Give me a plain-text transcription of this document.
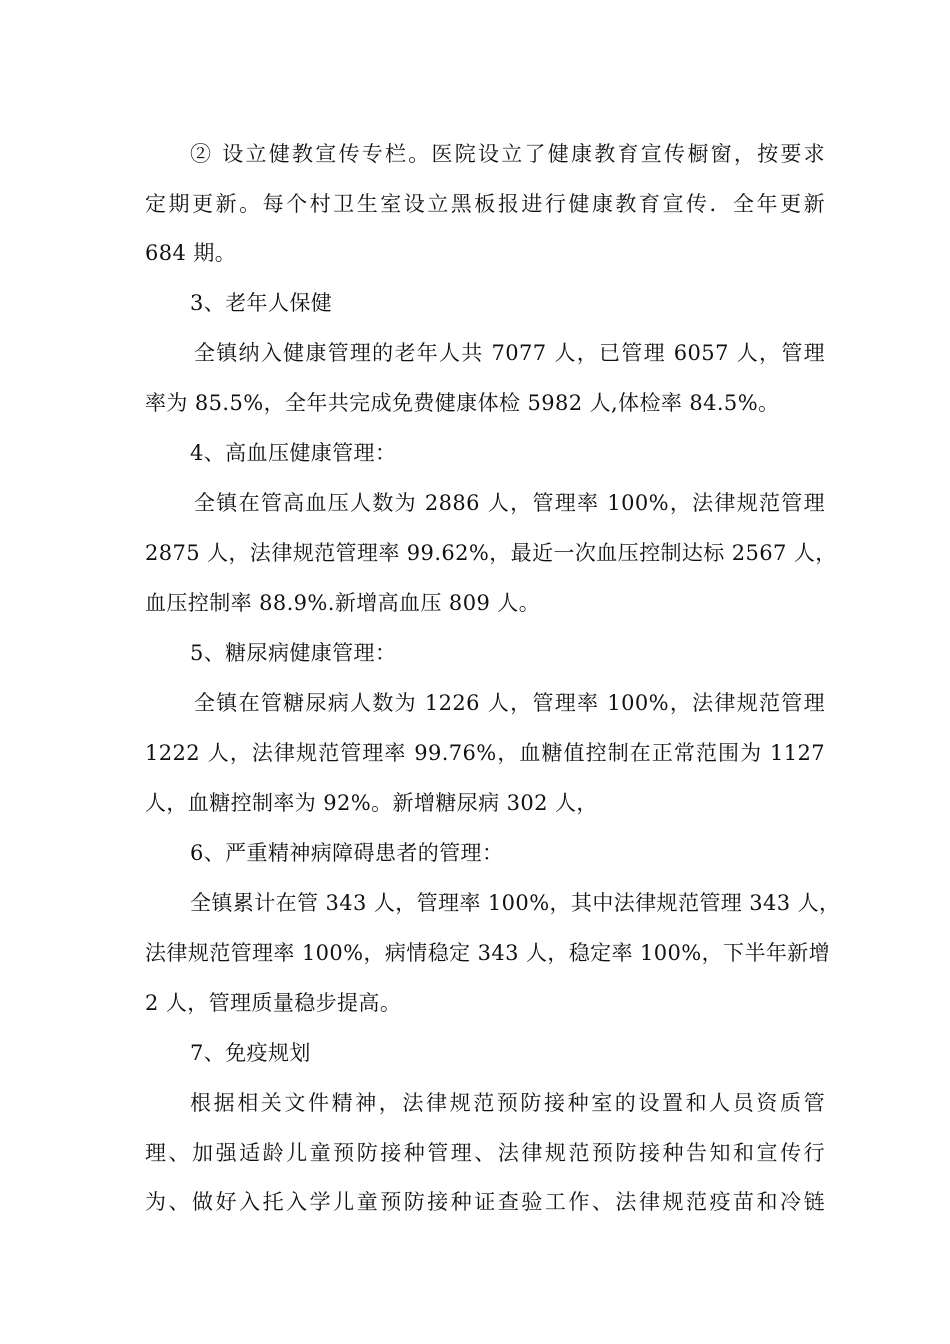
② 设立健教宣传专栏。医院设立了健康教育宣传橱窗，按要求
定期更新。每个村卫生室设立黑板报进行健康教育宣传．全年更新
684 期。
3、老年人保健
全镇纳入健康管理的老年人共 7077 人，已管理 6057 人，管理
率为 85.5%，全年共完成免费健康体检 5982 人,体检率 84.5%。
4、高血压健康管理：
全镇在管高血压人数为 2886 人，管理率 100%，法律规范管理
2875 人，法律规范管理率 99.62%，最近一次血压控制达标 2567 人，
血压控制率 88.9%.新增高血压 809 人。
5、糖尿病健康管理：
全镇在管糖尿病人数为 1226 人，管理率 100%，法律规范管理
1222 人，法律规范管理率 99.76%，血糖值控制在正常范围为 1127
人，血糖控制率为 92%。新增糖尿病 302 人，
6、严重精神病障碍患者的管理：
全镇累计在管 343 人，管理率 100%，其中法律规范管理 343 人，
法律规范管理率 100%，病情稳定 343 人，稳定率 100%，下半年新增
2 人，管理质量稳步提高。
7、免疫规划
根据相关文件精神，法律规范预防接种室的设置和人员资质管
理、加强适龄儿童预防接种管理、法律规范预防接种告知和宣传行
为、做好入托入学儿童预防接种证查验工作、法律规范疫苗和冷链
